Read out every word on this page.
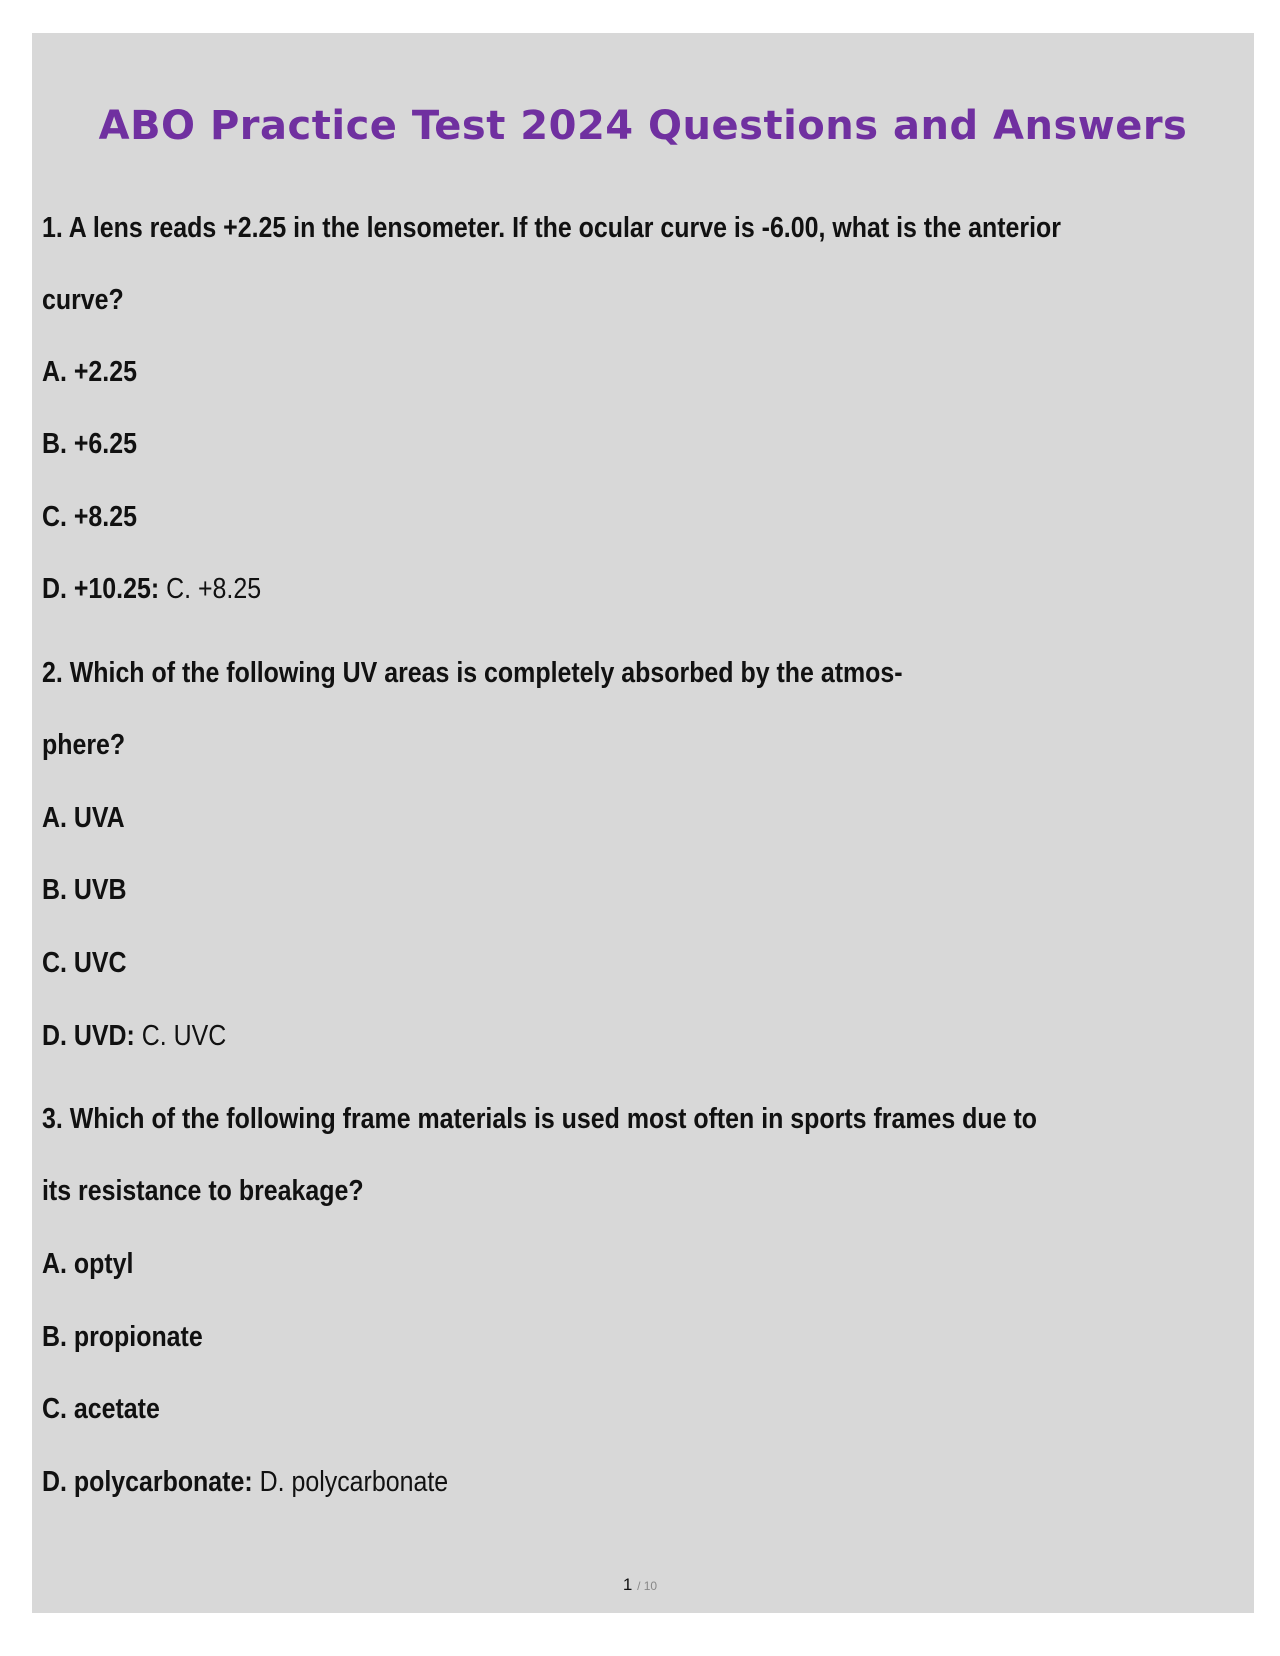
ABO Practice Test 2024 Questions and Answers
1. A lens reads +2.25 in the lensometer. If the ocular curve is -6.00, what is the anterior
curve?
A. +2.25
B. +6.25
C. +8.25
D. +10.25: C. +8.25
2. Which of the following UV areas is completely absorbed by the atmos-
phere?
A. UVA
B. UVB
C. UVC
D. UVD: C. UVC
3. Which of the following frame materials is used most often in sports frames due to
its resistance to breakage?
A. optyl
B. propionate
C. acetate
D. polycarbonate: D. polycarbonate
1 / 10
